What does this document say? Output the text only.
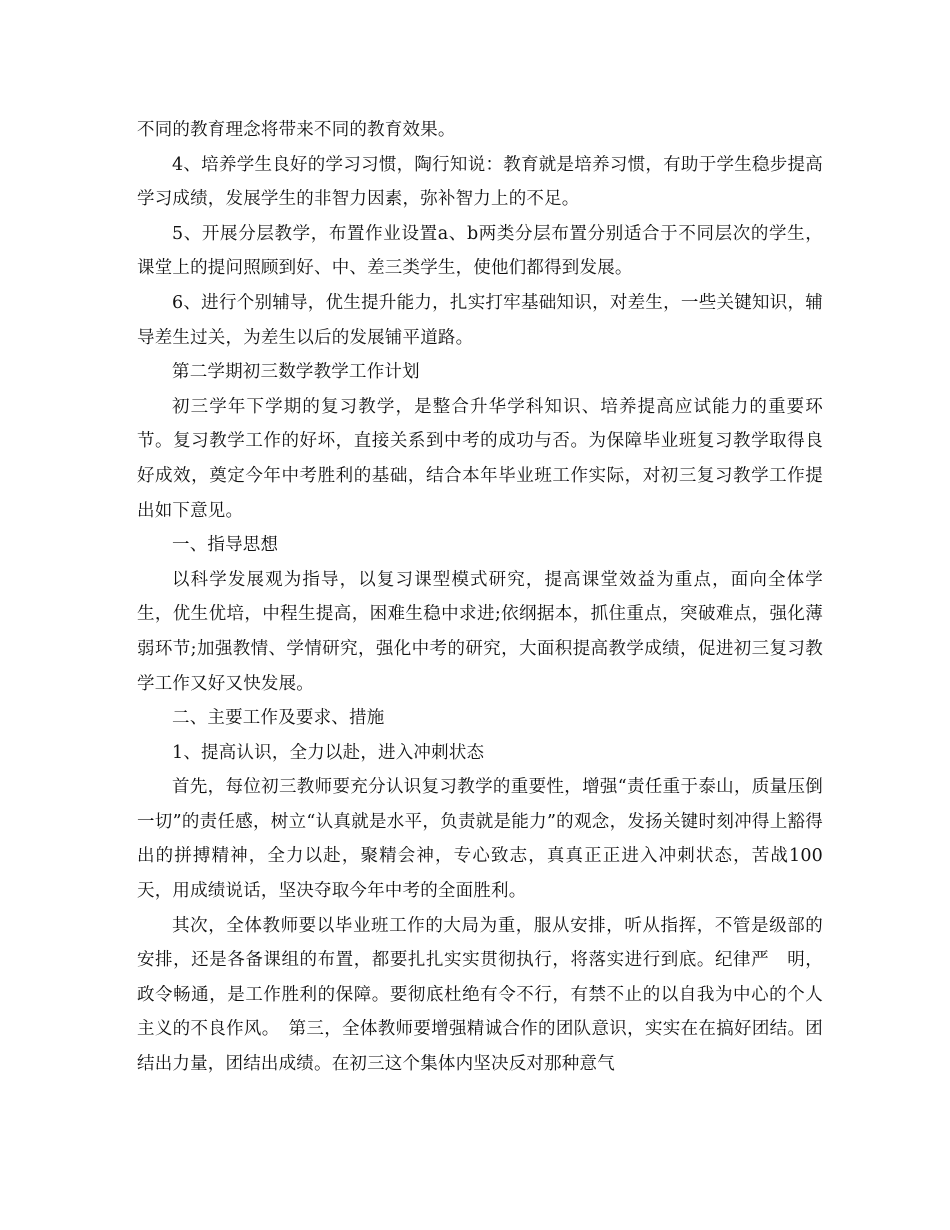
不同的教育理念将带来不同的教育效果。

4、培养学生良好的学习习惯，陶行知说：教育就是培养习惯，有助于学生稳步提高学习成绩，发展学生的非智力因素，弥补智力上的不足。

5、开展分层教学，布置作业设置a、b两类分层布置分别适合于不同层次的学生，课堂上的提问照顾到好、中、差三类学生，使他们都得到发展。

6、进行个别辅导，优生提升能力，扎实打牢基础知识，对差生，一些关键知识，辅导差生过关，为差生以后的发展铺平道路。

第二学期初三数学教学工作计划

初三学年下学期的复习教学，是整合升华学科知识、培养提高应试能力的重要环节。复习教学工作的好坏，直接关系到中考的成功与否。为保障毕业班复习教学取得良好成效，奠定今年中考胜利的基础，结合本年毕业班工作实际，对初三复习教学工作提出如下意见。

一、指导思想

以科学发展观为指导，以复习课型模式研究，提高课堂效益为重点，面向全体学生，优生优培，中程生提高，困难生稳中求进;依纲据本，抓住重点，突破难点，强化薄弱环节;加强教情、学情研究，强化中考的研究，大面积提高教学成绩，促进初三复习教学工作又好又快发展。

二、主要工作及要求、措施

1、提高认识，全力以赴，进入冲刺状态

首先，每位初三教师要充分认识复习教学的重要性，增强“责任重于泰山，质量压倒一切”的责任感，树立“认真就是水平，负责就是能力”的观念，发扬关键时刻冲得上豁得出的拼搏精神，全力以赴，聚精会神，专心致志，真真正正进入冲刺状态，苦战100天，用成绩说话，坚决夺取今年中考的全面胜利。

其次，全体教师要以毕业班工作的大局为重，服从安排，听从指挥，不管是级部的安排，还是各备课组的布置，都要扎扎实实贯彻执行，将落实进行到底。纪律严　明，政令畅通，是工作胜利的保障。要彻底杜绝有令不行，有禁不止的以自我为中心的个人主义的不良作风。　第三，全体教师要增强精诚合作的团队意识，实实在在搞好团结。团结出力量，团结出成绩。在初三这个集体内坚决反对那种意气
